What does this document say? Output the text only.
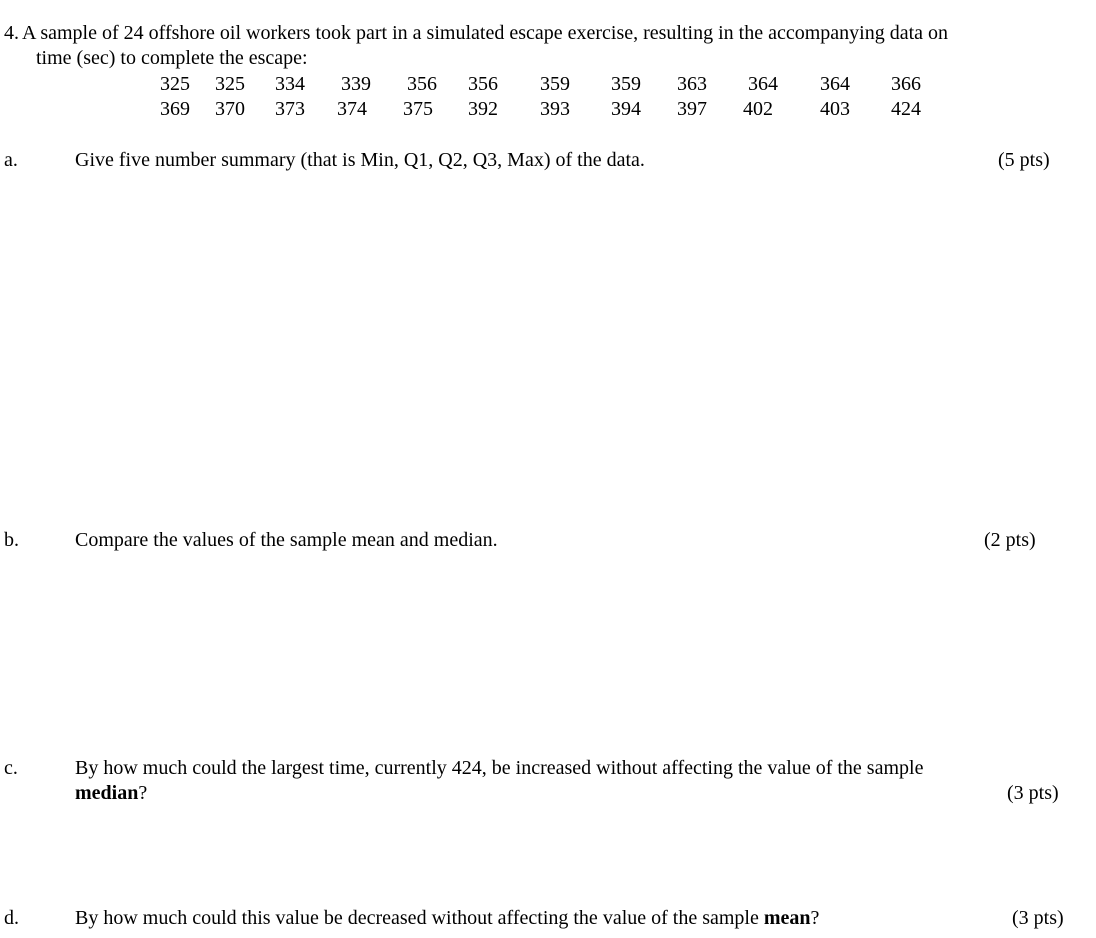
4. A sample of 24 offshore oil workers took part in a simulated escape exercise, resulting in the accompanying data on
time (sec) to complete the escape:
325 325 334 339 356 356 359 359 363 364 364 366
369 370 373 374 375 392 393 394 397 402 403 424
a.	Give five number summary (that is Min, Q1, Q2, Q3, Max) of the data.	(5 pts)
b.	Compare the values of the sample mean and median.	(2 pts)
c.	By how much could the largest time, currently 424, be increased without affecting the value of the sample
median?	(3 pts)
d.	By how much could this value be decreased without affecting the value of the sample mean?	(3 pts)
